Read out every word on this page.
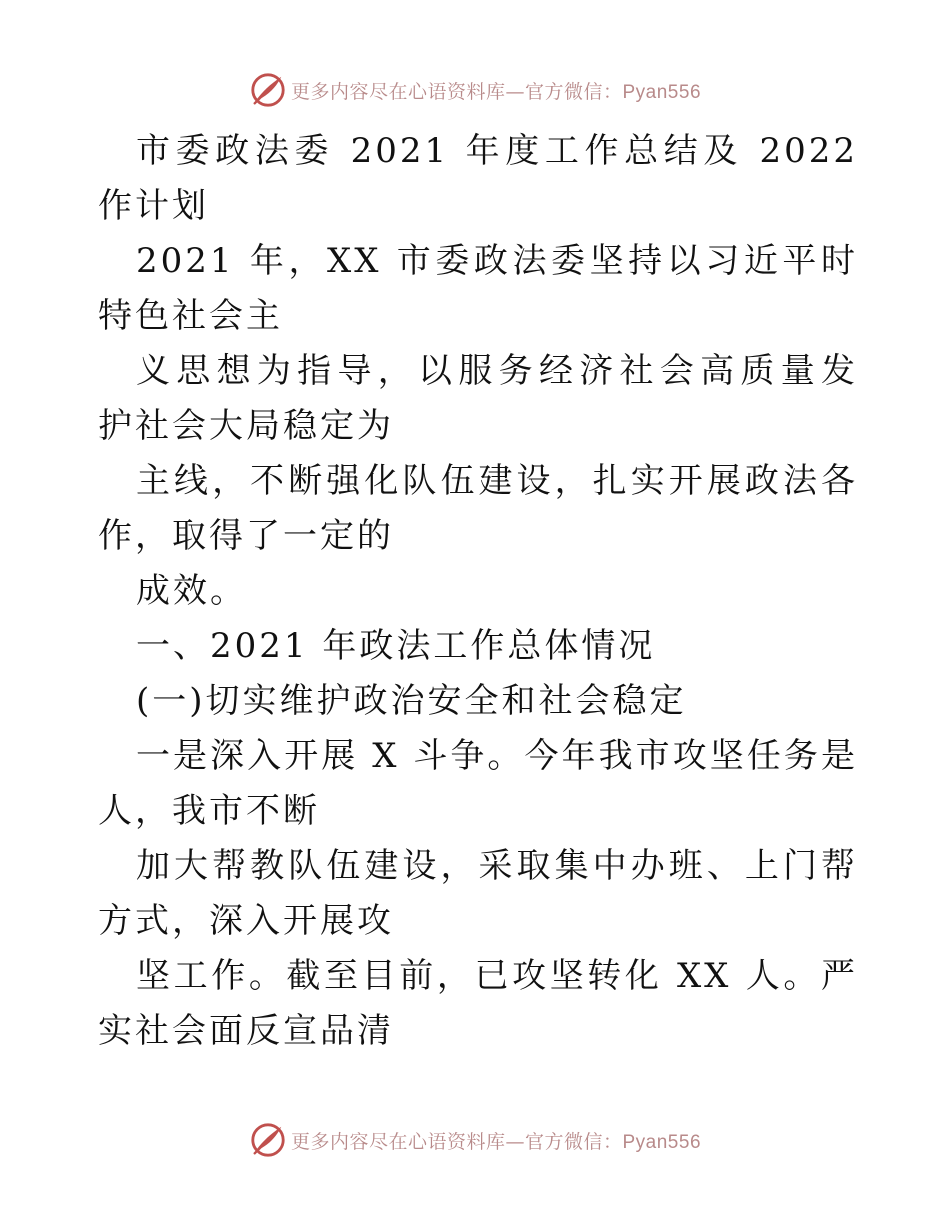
更多内容尽在心语资料库—官方微信：Pyan556
市委政法委 2021 年度工作总结及 2022
作计划
2021 年，XX 市委政法委坚持以习近平时
特色社会主
义思想为指导，以服务经济社会高质量发
护社会大局稳定为
主线，不断强化队伍建设，扎实开展政法各
作，取得了一定的
成效。
一、2021 年政法工作总体情况
(一)切实维护政治安全和社会稳定
一是深入开展 X 斗争。今年我市攻坚任务是
人，我市不断
加大帮教队伍建设，采取集中办班、上门帮
方式，深入开展攻
坚工作。截至目前，已攻坚转化 XX 人。严
实社会面反宣品清
更多内容尽在心语资料库—官方微信：Pyan556
